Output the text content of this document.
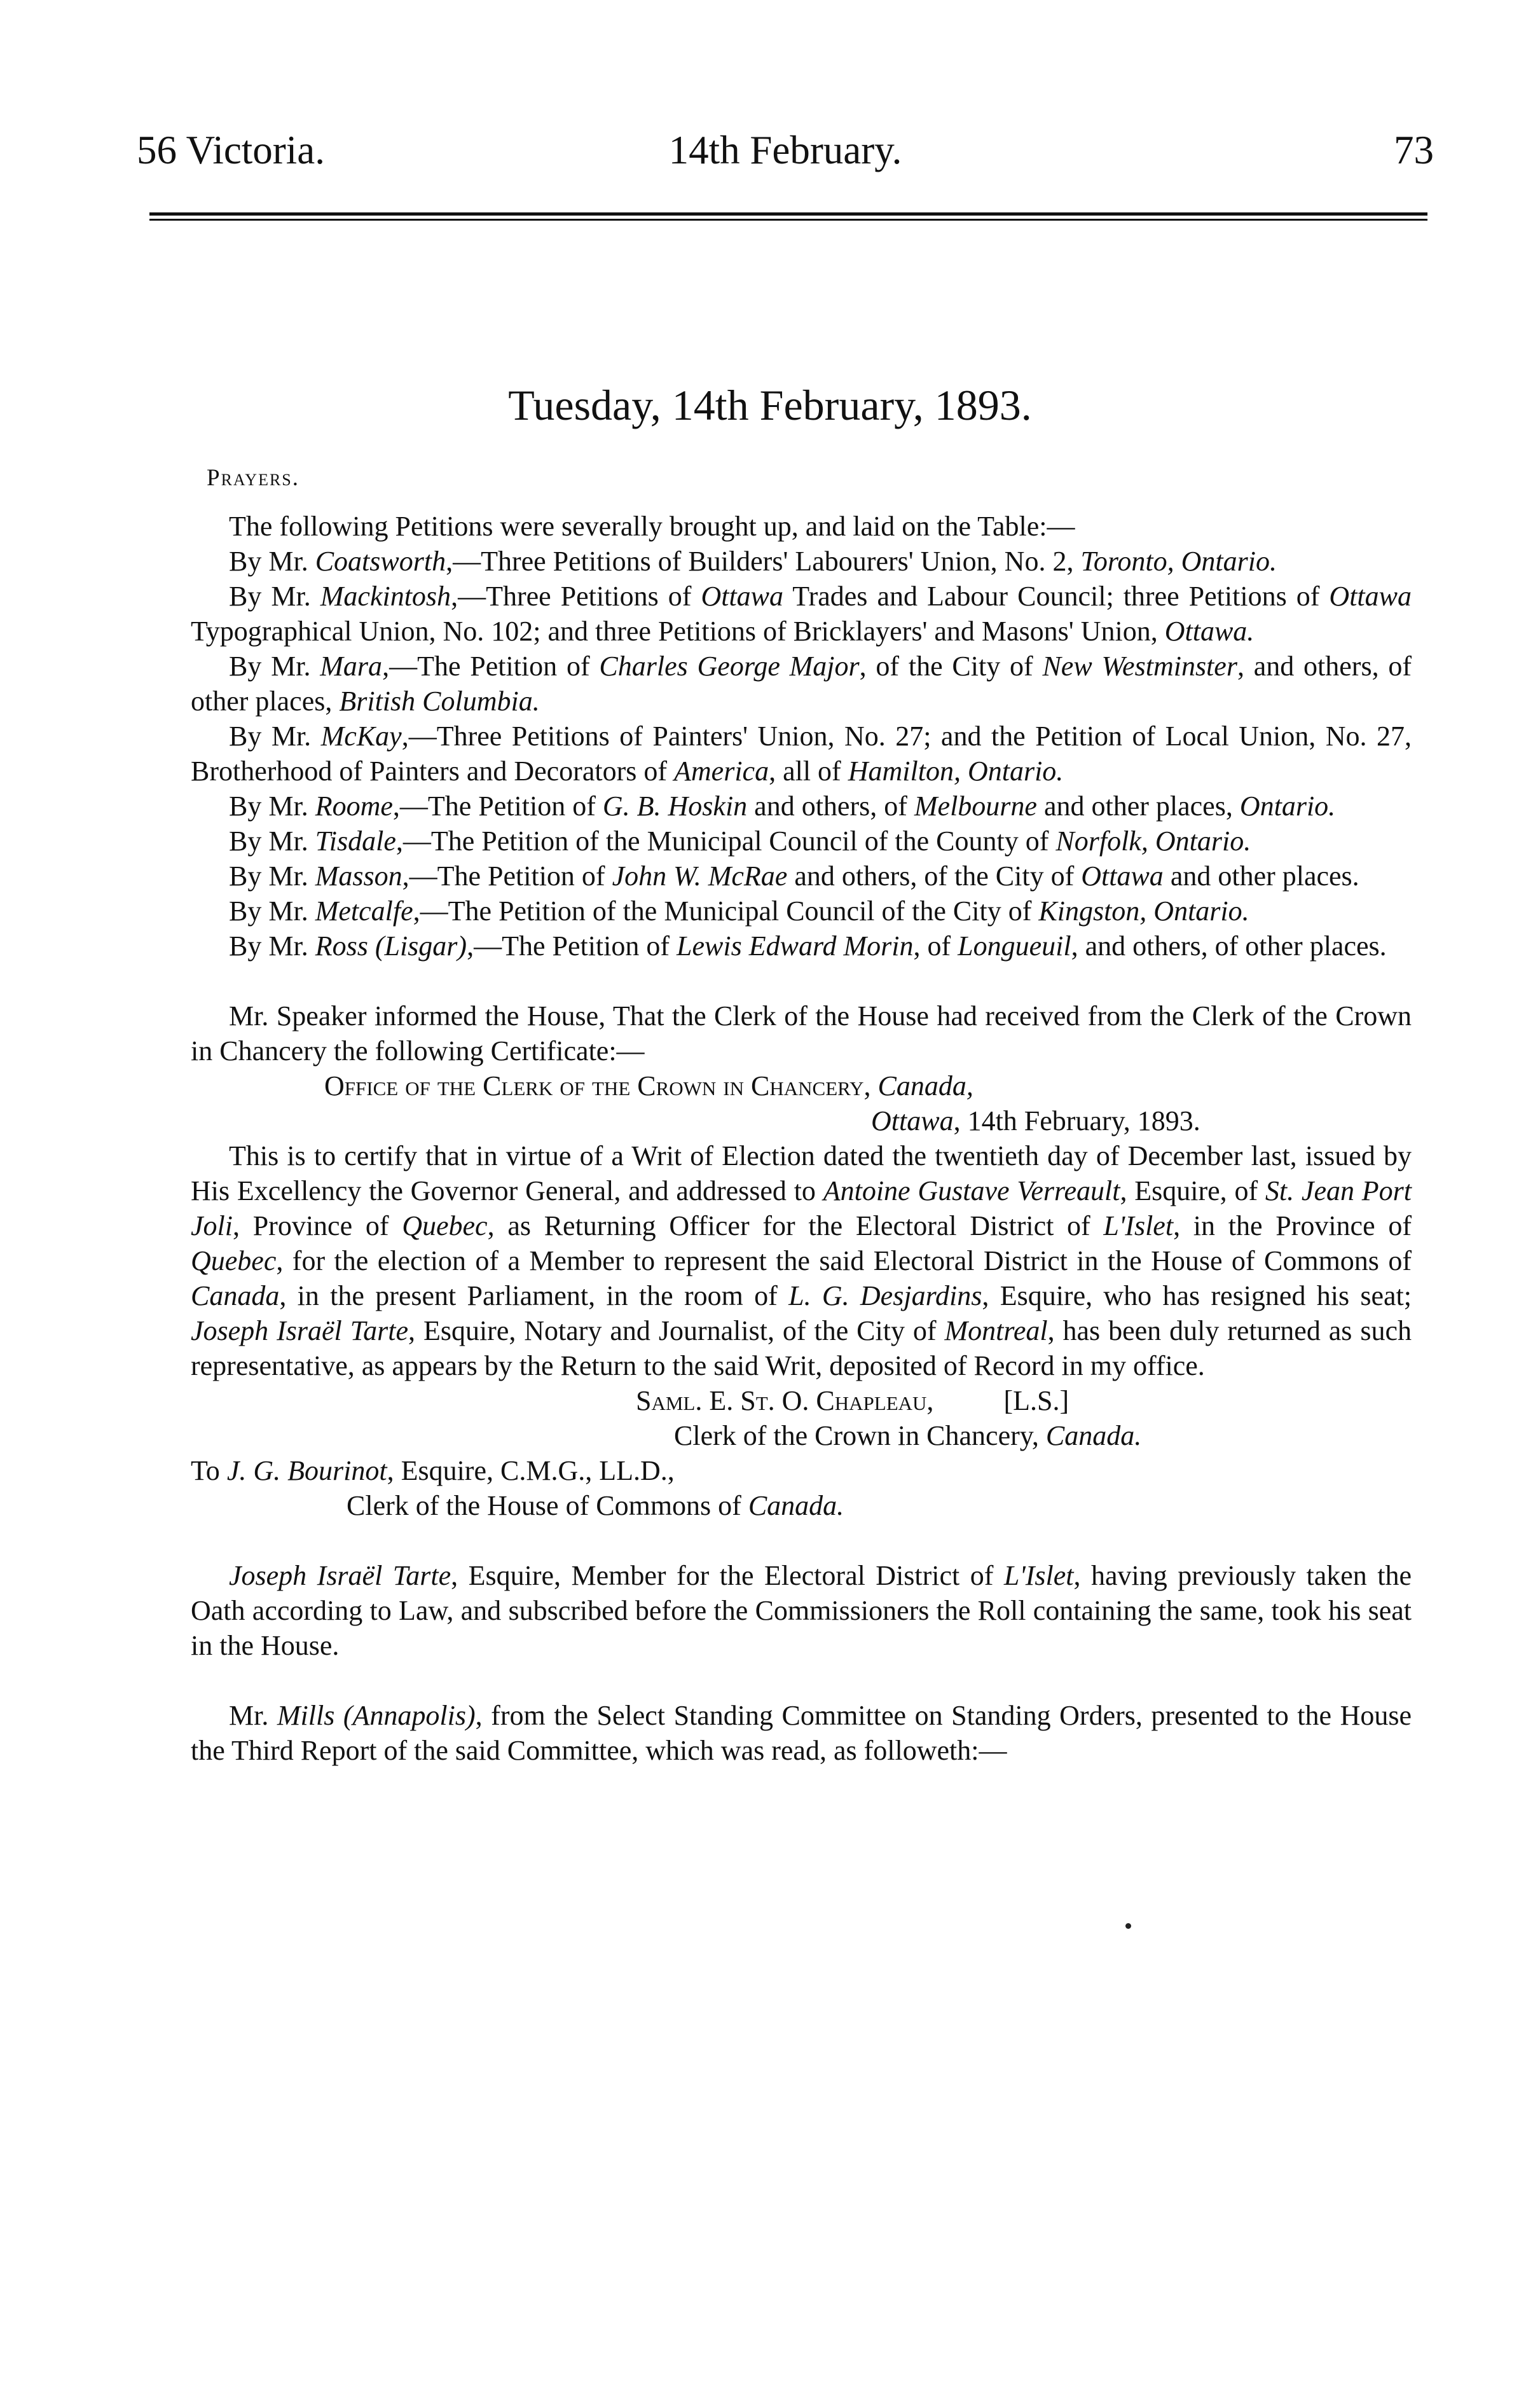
56 Victoria.	14th February.	73
Tuesday, 14th February, 1893.
Prayers.

The following Petitions were severally brought up, and laid on the Table:—

By Mr. Coatsworth,—Three Petitions of Builders' Labourers' Union, No. 2, Toronto, Ontario.

By Mr. Mackintosh,—Three Petitions of Ottawa Trades and Labour Council; three Petitions of Ottawa Typographical Union, No. 102; and three Petitions of Bricklayers' and Masons' Union, Ottawa.

By Mr. Mara,—The Petition of Charles George Major, of the City of New Westminster, and others, of other places, British Columbia.

By Mr. McKay,—Three Petitions of Painters' Union, No. 27; and the Petition of Local Union, No. 27, Brotherhood of Painters and Decorators of America, all of Hamilton, Ontario.

By Mr. Roome,—The Petition of G. B. Hoskin and others, of Melbourne and other places, Ontario.

By Mr. Tisdale,—The Petition of the Municipal Council of the County of Norfolk, Ontario.

By Mr. Masson,—The Petition of John W. McRae and others, of the City of Ottawa and other places.

By Mr. Metcalfe,—The Petition of the Municipal Council of the City of Kingston, Ontario.

By Mr. Ross (Lisgar),—The Petition of Lewis Edward Morin, of Longueuil, and others, of other places.

Mr. Speaker informed the House, That the Clerk of the House had received from the Clerk of the Crown in Chancery the following Certificate:—

Office of the Clerk of the Crown in Chancery, Canada,

Ottawa, 14th February, 1893.

This is to certify that in virtue of a Writ of Election dated the twentieth day of December last, issued by His Excellency the Governor General, and addressed to Antoine Gustave Verreault, Esquire, of St. Jean Port Joli, Province of Quebec, as Returning Officer for the Electoral District of L'Islet, in the Province of Quebec, for the election of a Member to represent the said Electoral District in the House of Commons of Canada, in the present Parliament, in the room of L. G. Desjardins, Esquire, who has resigned his seat; Joseph Israël Tarte, Esquire, Notary and Journalist, of the City of Montreal, has been duly returned as such representative, as appears by the Return to the said Writ, deposited of Record in my office.

Saml. E. St. O. Chapleau,	[L.S.]

Clerk of the Crown in Chancery, Canada.

To J. G. Bourinot, Esquire, C.M.G., LL.D.,

Clerk of the House of Commons of Canada.

Joseph Israël Tarte, Esquire, Member for the Electoral District of L'Islet, having previously taken the Oath according to Law, and subscribed before the Commissioners the Roll containing the same, took his seat in the House.

Mr. Mills (Annapolis), from the Select Standing Committee on Standing Orders, presented to the House the Third Report of the said Committee, which was read, as followeth:—
